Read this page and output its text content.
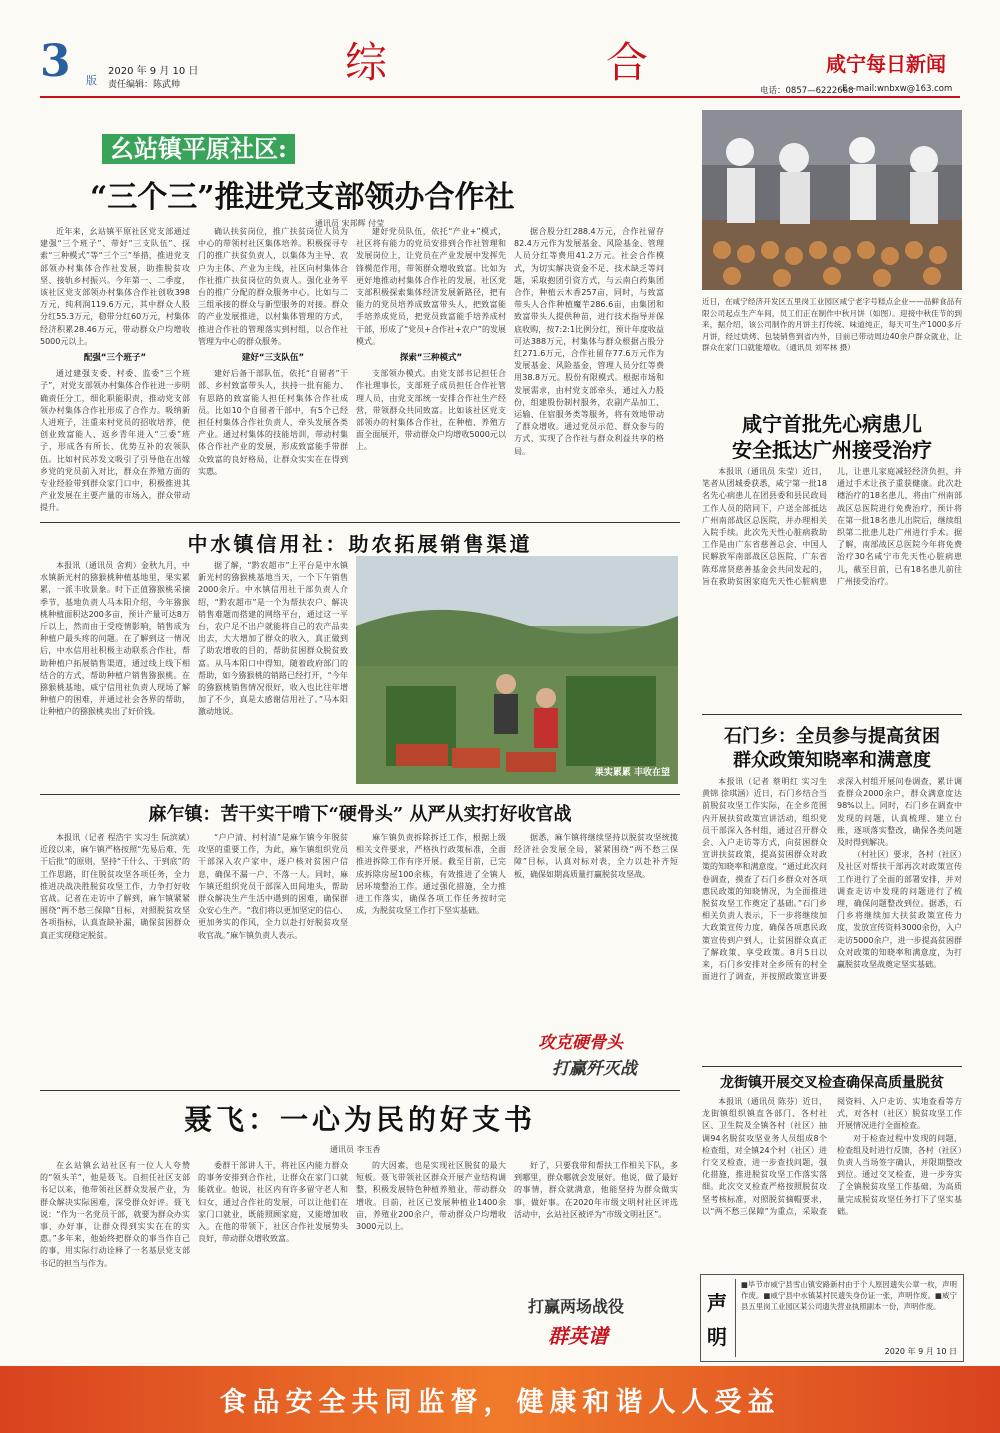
3 版
2020 年 9 月 10 日
责任编辑：陈武帅	综	合	咸宁每日新闻
电话：0857—6222668
E—mail:wnbxw@163.com
幺站镇平原社区:
“三个三”推进党支部领办合作社
通讯员 宋邦辉 付莹

近年来，幺站镇平原社区党支部通过建强“三个班子”、带好“三支队伍”、探索“三种模式”等“三个三”举措，推进党支部领办村集体合作社发展，助推脱贫攻坚、接轨乡村振兴。今年第一、二季度，该社区党支部领办村集体合作社创收398万元，纯利润119.6万元，其中群众人股分红55.3万元，稳带分红60万元，村集体经济积累28.46万元，带动群众户均增收5000元以上。

配强“三个班子”

通过建强支委、村委、监委“三个班子”，对党支部领办村集体合作社进一步明确责任分工，细化职能职责，推动党支部领办村集体合作社形成了合作力。吸纳新人进班子，注重来村党员的招收培养，使创业致富能人、返乡青年进入“三委”班子，形成各有所长、优势互补的农领队伍。比如村民苏发文吸引了引导他在出嫁乡党的党员前入对比，群众在养殖方面的专业经验带到群众家门口中，积极推进其产业发展在主要产量的市场入，群众带动提升。

确认扶贫岗位，推广扶贫岗位人员为中心的带领村社区集体培养。积极探寻专门的推广扶贫负责人，以集体为主导、农户为主体、产业为主线，社区向村集体合作社推广扶贫岗位的负责人。强化业务平台的推广分配的群众服务中心。比如与二三组承接的群众与新型服务的对接。群众的产业发展推进，以村集体管理的方式，推进合作社的管理落实到村组，以合作社管理为中心的群众服务。

建好“三支队伍”

建好后备干部队伍，依托“自留者”干部、乡村致富带头人，扶持一批有能力、有思路的致富能人担任村集体合作社成员。比如10个自留者干部中，有5个已经担任村集体合作社负责人，牵头发展各类产业。通过村集体的技能培训，带动村集体合作社产业的发展，形成致富能手带群众致富的良好格局，让群众实实在在得到实惠。

建好党员队伍，依托“产业+”模式，社区将有能力的党员安排到合作社管理和发展岗位上，让党员在产业发展中发挥先锋模范作用，带领群众增收致富。比如为更好地推动村集体合作社的发展，社区党支部积极探索集体经济发展新路径，把有能力的党员培养成致富带头人，把致富能手培养成党员，把党员致富能手培养成村干部，形成了“党员+合作社+农户”的发展模式。

探索“三种模式”

支部领办模式。由党支部书记担任合作社理事长，支部班子成员担任合作社管理人员，由党支部统一安排合作社生产经营，带领群众共同致富。比如该社区党支部领办的村集体合作社，在种植、养殖方面全面展开，带动群众户均增收5000元以上。

据合股分红288.4万元，合作社留存82.4万元作为发展基金、风险基金、管理人员分红等费用41.2万元。社会合作模式，为切实解决资金不足、技术缺乏等问题，采取抱团引资方式，与云南白药集团合作，种植云木香257亩，同时，与致富带头人合作种植魔芋286.6亩，由集团和致富带头人提供种苗，进行技术指导并保底收购，按7:2:1比例分红，预计年度收益可达388万元，村集体与群众根据占股分红271.6万元，合作社留存77.6万元作为发展基金、风险基金，管理人员分红等费用38.8万元。股份有限模式。根据市场和发展需求，由村党支部牵头，通过入力股份，组建股份制村服务，农副产品加工、运输、住宿服务类等服务，将有效地带动了群众增收。通过党员示范、群众参与的方式，实现了合作社与群众利益共享的格局。

近日，在咸宁经济开发区五里岗工业园区咸宁老字号糕点企业——品鲜食品有限公司起点生产车间，员工们正在制作中秋月饼（如图）。迎接中秋佳节的到来，据介绍，该公司制作的月饼主打传统、味道纯正，每天可生产1000多斤月饼，经过烘烤、包装销售到省内外，目前已带动周边40余户群众就业，让群众在家门口就能增收。（通讯员 刘军林 摄）
咸宁首批先心病患儿
安全抵达广州接受治疗

本报讯（通讯员 朱莹）近日，笔者从团城委获悉，咸宁第一批18名先心病患儿在团县委和县民政局工作人员的陪同下，户送全部抵达广州南部战区总医院，并办理相关入院手续。此次先天性心脏病救助工作是由广东省慈善总会、中国人民解放军南部战区总医院、广东省陈郑席贤慈善基金会共同发起的，旨在救助贫困家庭先天性心脏病患儿，让患儿家庭减轻经济负担，并通过手术让孩子重获健康。此次赴穗治疗的18名患儿，将由广州南部战区总医院进行免费治疗，预计将在第一批18名患儿出院后，继续组织第二批患儿赴广州进行手术。据了解，南部战区总医院今年将免费治疗30名咸宁市先天性心脏病患儿，截至目前，已有18名患儿前往广州接受治疗。

石门乡：全员参与提高贫困
群众政策知晓率和满意度

本报讯（记者 蔡明红 实习生 黄锦 徐琪涵）近日，石门乡结合当前脱贫攻坚工作实际，在全乡范围内开展扶贫政策宣讲活动，组织党员干部深入各村组，通过召开群众会、入户走访等方式，向贫困群众宣讲扶贫政策，提高贫困群众对政策的知晓率和满意度。“通过此次问卷调查，摸查了石门乡群众对各项惠民政策的知晓情况，为全面推进脱贫攻坚工作奠定了基础。”石门乡相关负责人表示，下一步将继续加大政策宣传力度，确保各项惠民政策宣传到户到人，让贫困群众真正了解政策、享受政策。8月5日以来，石门乡安排对全乡所有的村全面进行了调查，并按照政策宣讲要求深入村组开展问卷调查，累计调查群众2000余户，群众满意度达98%以上。同时，石门乡在调查中发现的问题，认真梳理、建立台账，逐项落实整改，确保各类问题及时得到解决。

（村社区）要求，各村（社区）及社区对帮扶干部再次对政策宣传工作进行了全面的部署安排，并对调查走访中发现的问题进行了梳理，确保问题整改到位。据悉，石门乡将继续加大扶贫政策宣传力度，发放宣传资料3000余份，入户走访5000余户，进一步提高贫困群众对政策的知晓率和满意度，为打赢脱贫攻坚战奠定坚实基础。

龙街镇开展交叉检查确保高质量脱贫

本报讯（通讯员 陈芬）近日，龙街镇组织镇直各部门、各村社区、卫生院及全镇各村（社区）抽调94名脱贫攻坚业务人员组成8个检查组，对全镇24个村（社区）进行交叉检查，进一步查找问题，强化措施，推进脱贫攻坚工作落实落细。此次交叉检查严格按照脱贫攻坚考核标准，对照脱贫摘帽要求，以“两不愁三保障”为重点，采取查阅资料、入户走访、实地查看等方式，对各村（社区）脱贫攻坚工作开展情况进行全面检查。

对于检查过程中发现的问题，检查组及时进行反馈，各村（社区）负责人当场签字确认，并限期整改到位。通过交叉检查，进一步夯实了全镇脱贫攻坚工作基础，为高质量完成脱贫攻坚任务打下了坚实基础。

中水镇信用社：助农拓展销售渠道

本报讯（通讯员 舍莉）金秋九月，中水镇新光村的猕猴桃种植基地里，果实累累，一派丰收景象。时下正值猕猴桃采摘季节，基地负责人马本阳介绍，今年猕猴桃种植面积达200多亩，预计产量可达8万斤以上，然而由于受疫情影响，销售成为种植户最头疼的问题。在了解到这一情况后，中水信用社积极主动联系合作社，帮助种植户拓展销售渠道，通过线上线下相结合的方式，帮助种植户销售猕猴桃。在猕猴桃基地，威宁信用社负责人现场了解种植户的困难，并通过社会各界的帮助，让种植户的猕猴桃卖出了好价钱。

据了解，“黔农超市”上平台是中水镇新光村的猕猴桃基地当天，一个下午销售2000余斤。中水镇信用社干部负责人介绍，“黔农超市”是一个为帮扶农户、解决销售难题而搭建的网络平台，通过这一平台，农户足不出户就能将自己的农产品卖出去，大大增加了群众的收入，真正做到了助农增收的目的，帮助贫困群众脱贫致富。从马本阳口中得知，随着政府部门的帮助，如今猕猴桃的销路已经打开，“今年的猕猴桃销售情况很好，收入也比往年增加了不少，真是太感谢信用社了。”马本阳激动地说。

果实累累 丰收在望
麻乍镇：苦干实干啃下“硬骨头” 从严从实打好收官战

本报讯（记者 程浩宇 实习生 阮滨斌）近段以来，麻乍镇严格按照“先易后难、先干后批”的原则，坚持“干什么、干到底”的工作思路，盯住脱贫攻坚各项任务，全力推进决战决胜脱贫攻坚工作，力争打好收官战。记者在走访中了解到，麻乍镇紧紧围绕“两不愁三保障”目标，对照脱贫攻坚各项指标，认真查缺补漏，确保贫困群众真正实现稳定脱贫。

“户户清、村村清”是麻乍镇今年脱贫攻坚的重要工作，为此，麻乍镇组织党员干部深入农户家中，逐户核对贫困户信息，确保不漏一户、不落一人。同时，麻乍镇还组织党员干部深入田间地头，帮助群众解决生产生活中遇到的困难，确保群众安心生产。“我们将以更加坚定的信心、更加务实的作风，全力以赴打好脱贫攻坚收官战。”麻乍镇负责人表示。

麻乍镇负责拆除拆迁工作，根据上级相关文件要求，严格执行政策标准，全面推进拆除工作有序开展。截至目前，已完成拆除房屋100余栋，有效推进了全镇人居环境整治工作。通过强化措施，全力推进工作落实，确保各项工作任务按时完成，为脱贫攻坚工作打下坚实基础。

据悉，麻乍镇将继续坚持以脱贫攻坚统揽经济社会发展全局，紧紧围绕“两不愁三保障”目标，认真对标对表，全力以赴补齐短板，确保如期高质量打赢脱贫攻坚战。

攻克硬骨头
打赢歼灭战
聂飞：一心为民的好支书
通讯员 李玉香

在幺站镇幺站社区有一位人人夸赞的“领头羊”，他是聂飞。自担任社区支部书记以来，他带领社区群众发展产业，为群众解决实际困难，深受群众好评。聂飞说：“作为一名党员干部，就要为群众办实事、办好事，让群众得到实实在在的实惠。”多年来，他始终把群众的事当作自己的事，用实际行动诠释了一名基层党支部书记的担当与作为。

委群干部讲人干，将社区内能力群众的事务安排到合作社，让群众在家门口就能就业。他说，社区内有许多留守老人和妇女，通过合作社的发展，可以让他们在家门口就业，既能照顾家庭，又能增加收入。在他的带领下，社区合作社发展势头良好，带动群众增收致富。

的大因素，也是实现社区脱贫的最大短板。聂飞带领社区群众开展产业结构调整，积极发展特色种植养殖业，带动群众增收。目前，社区已发展种植业1400余亩，养殖业200余户，带动群众户均增收3000元以上。

好了，只要我带和帮扶工作相关下队，多到哪里，群众哪就会发展好。他说，做了最好的事情，群众就满意，他能坚持为群众做实事，做好事。在2020年市级文明村社区评选活动中，幺站社区被评为“市级文明社区”。

打赢两场战役
群英谱
声
明
■毕节市威宁县雪山镇安路新村由于个人原因遗失公章一枚，声明作废。■威宁县中水镇某村民遗失身份证一张，声明作废。■威宁县五里岗工业园区某公司遗失营业执照副本一份，声明作废。
2020 年 9 月 10 日
食品安全共同监督，健康和谐人人受益
